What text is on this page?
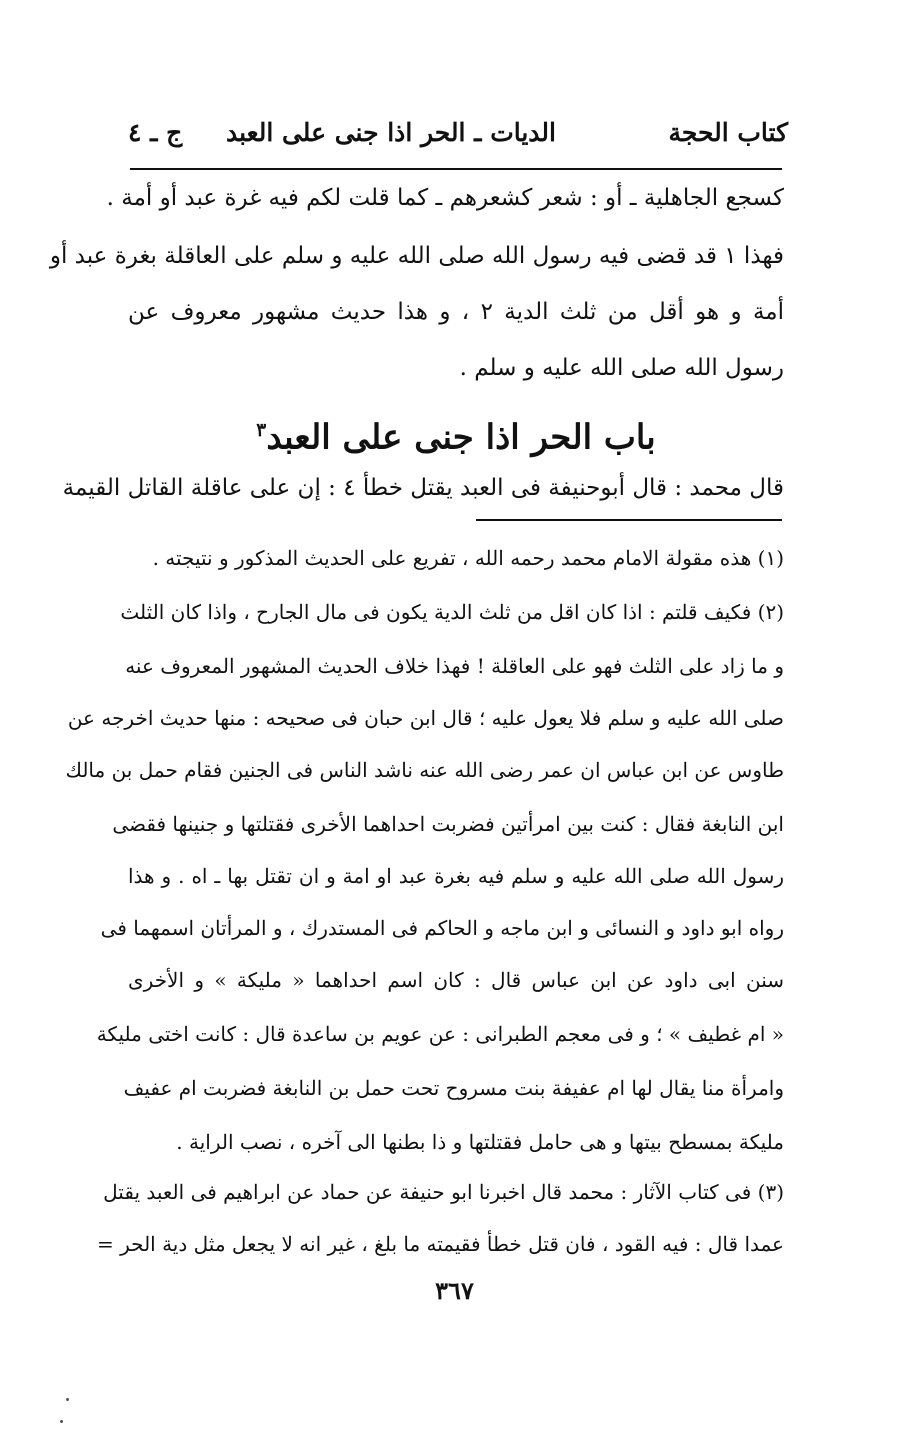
كتاب الحجة
الديات ـ الحر اذا جنى على العبد
ج ـ ٤
كسجع الجاهلية ـ أو : شعر كشعرهم ـ كما قلت لكم فيه غرة عبد أو أمة .
فهذا ١ قد قضى فيه رسول الله صلى الله عليه و سلم على العاقلة بغرة عبد أو
أمة و هو أقل من ثلث الدية ٢ ، و هذا حديث مشهور معروف عن
رسول الله صلى الله عليه و سلم .
باب الحر اذا جنى على العبد$^٣$
قال محمد : قال أبوحنيفة فى العبد يقتل خطأ ٤ : إن على عاقلة القاتل القيمة
(١) هذه مقولة الامام محمد رحمه الله ، تفريع على الحديث المذكور و نتيجته .
(٢) فكيف قلتم : اذا كان اقل من ثلث الدية يكون فى مال الجارح ، واذا كان الثلث
و ما زاد على الثلث فهو على العاقلة ! فهذا خلاف الحديث المشهور المعروف عنه
صلى الله عليه و سلم فلا يعول عليه ؛ قال ابن حبان فى صحيحه : منها حديث اخرجه عن
طاوس عن ابن عباس ان عمر رضى الله عنه ناشد الناس فى الجنين فقام حمل بن مالك
ابن النابغة فقال : كنت بين امرأتين فضربت احداهما الأخرى فقتلتها و جنينها فقضى
رسول الله صلى الله عليه و سلم فيه بغرة عبد او امة و ان تقتل بها ـ اه . و هذا
رواه ابو داود و النسائى و ابن ماجه و الحاكم فى المستدرك ، و المرأتان اسمهما فى
سنن ابى داود عن ابن عباس قال : كان اسم احداهما « مليكة » و الأخرى
« ام غطيف » ؛ و فى معجم الطبرانى : عن عويم بن ساعدة قال : كانت اختى مليكة
وامرأة منا يقال لها ام عفيفة بنت مسروح تحت حمل بن النابغة فضربت ام عفيف
مليكة بمسطح بيتها و هى حامل فقتلتها و ذا بطنها الى آخره ، نصب الراية .
(٣) فى كتاب الآثار : محمد قال اخبرنا ابو حنيفة عن حماد عن ابراهيم فى العبد يقتل
عمدا قال : فيه القود ، فان قتل خطأ فقيمته ما بلغ ، غير انه لا يجعل مثل دية الحر =
٣٦٧
